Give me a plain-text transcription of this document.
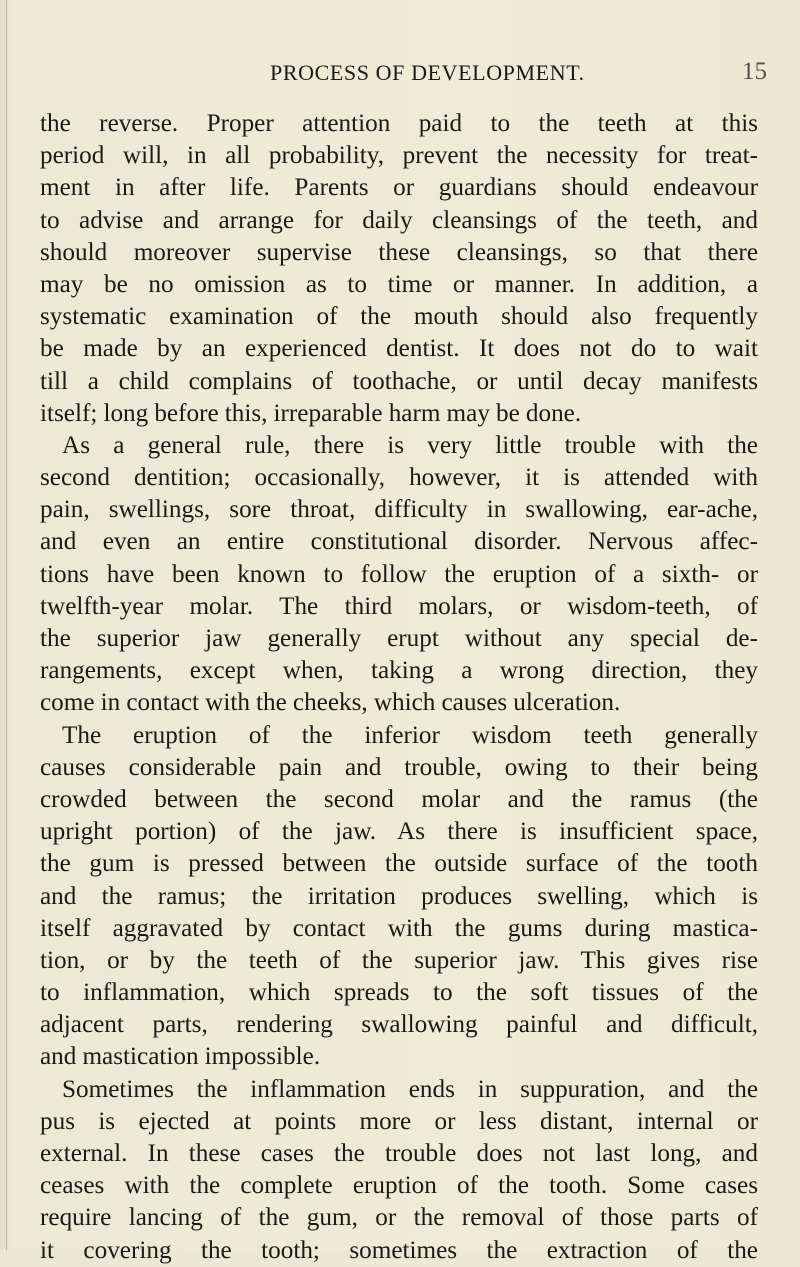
PROCESS OF DEVELOPMENT.	15
the reverse. Proper attention paid to the teeth at this
period will, in all probability, prevent the necessity for treat-
ment in after life. Parents or guardians should endeavour
to advise and arrange for daily cleansings of the teeth, and
should moreover supervise these cleansings, so that there
may be no omission as to time or manner. In addition, a
systematic examination of the mouth should also frequently
be made by an experienced dentist. It does not do to wait
till a child complains of toothache, or until decay manifests
itself; long before this, irreparable harm may be done.
As a general rule, there is very little trouble with the
second dentition; occasionally, however, it is attended with
pain, swellings, sore throat, difficulty in swallowing, ear-ache,
and even an entire constitutional disorder. Nervous affec-
tions have been known to follow the eruption of a sixth- or
twelfth-year molar. The third molars, or wisdom-teeth, of
the superior jaw generally erupt without any special de-
rangements, except when, taking a wrong direction, they
come in contact with the cheeks, which causes ulceration.
The eruption of the inferior wisdom teeth generally
causes considerable pain and trouble, owing to their being
crowded between the second molar and the ramus (the
upright portion) of the jaw. As there is insufficient space,
the gum is pressed between the outside surface of the tooth
and the ramus; the irritation produces swelling, which is
itself aggravated by contact with the gums during mastica-
tion, or by the teeth of the superior jaw. This gives rise
to inflammation, which spreads to the soft tissues of the
adjacent parts, rendering swallowing painful and difficult,
and mastication impossible.
Sometimes the inflammation ends in suppuration, and the
pus is ejected at points more or less distant, internal or
external. In these cases the trouble does not last long, and
ceases with the complete eruption of the tooth. Some cases
require lancing of the gum, or the removal of those parts of
it covering the tooth; sometimes the extraction of the
